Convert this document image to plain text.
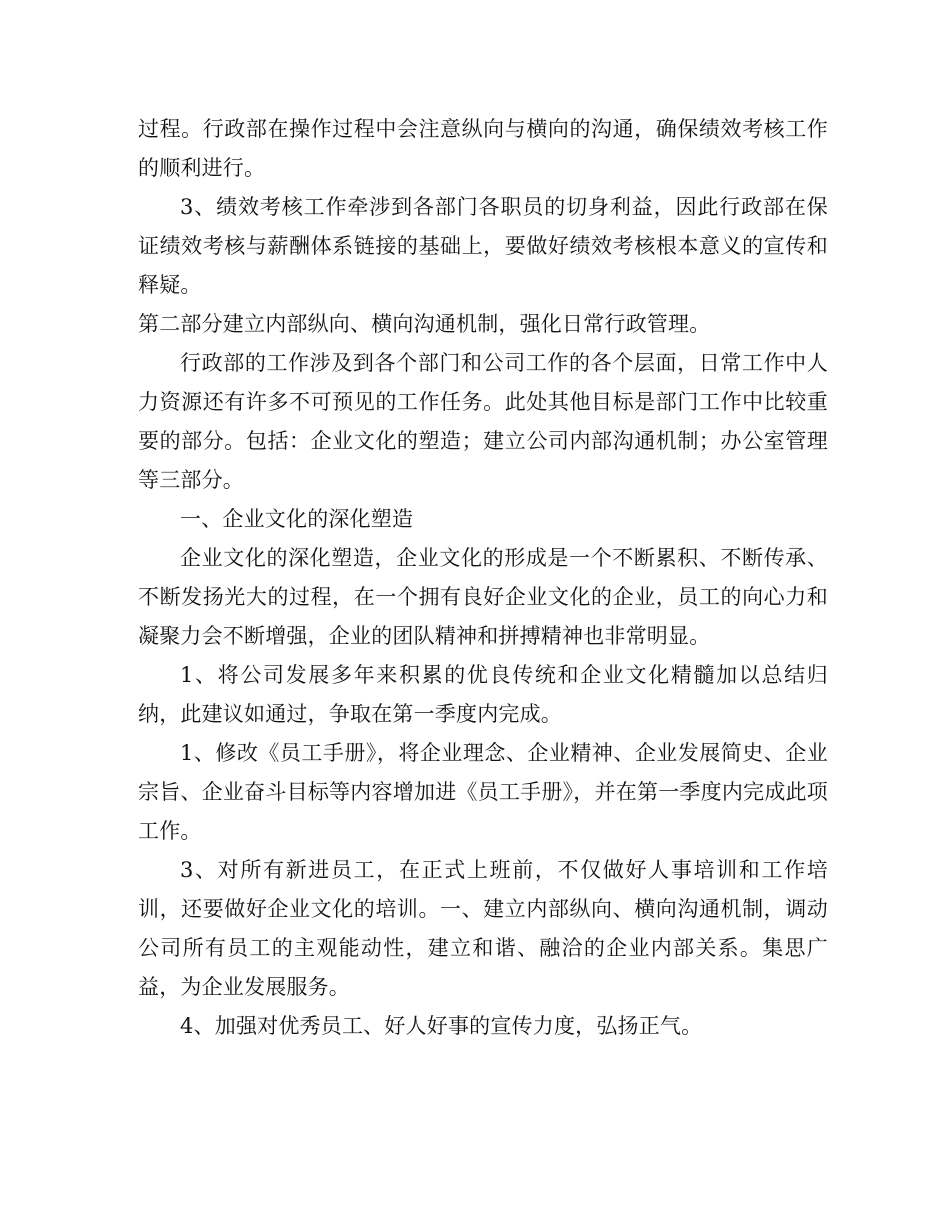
过程。行政部在操作过程中会注意纵向与横向的沟通，确保绩效考核工作的顺利进行。

3、绩效考核工作牵涉到各部门各职员的切身利益，因此行政部在保证绩效考核与薪酬体系链接的基础上，要做好绩效考核根本意义的宣传和释疑。

第二部分建立内部纵向、横向沟通机制，强化日常行政管理。

行政部的工作涉及到各个部门和公司工作的各个层面，日常工作中人力资源还有许多不可预见的工作任务。此处其他目标是部门工作中比较重要的部分。包括：企业文化的塑造；建立公司内部沟通机制；办公室管理等三部分。

一、企业文化的深化塑造

企业文化的深化塑造，企业文化的形成是一个不断累积、不断传承、不断发扬光大的过程，在一个拥有良好企业文化的企业，员工的向心力和凝聚力会不断增强，企业的团队精神和拼搏精神也非常明显。

1、将公司发展多年来积累的优良传统和企业文化精髓加以总结归纳，此建议如通过，争取在第一季度内完成。

1、修改《员工手册》，将企业理念、企业精神、企业发展简史、企业宗旨、企业奋斗目标等内容增加进《员工手册》，并在第一季度内完成此项工作。

3、对所有新进员工，在正式上班前，不仅做好人事培训和工作培训，还要做好企业文化的培训。一、建立内部纵向、横向沟通机制，调动公司所有员工的主观能动性，建立和谐、融洽的企业内部关系。集思广益，为企业发展服务。

4、加强对优秀员工、好人好事的宣传力度，弘扬正气。
